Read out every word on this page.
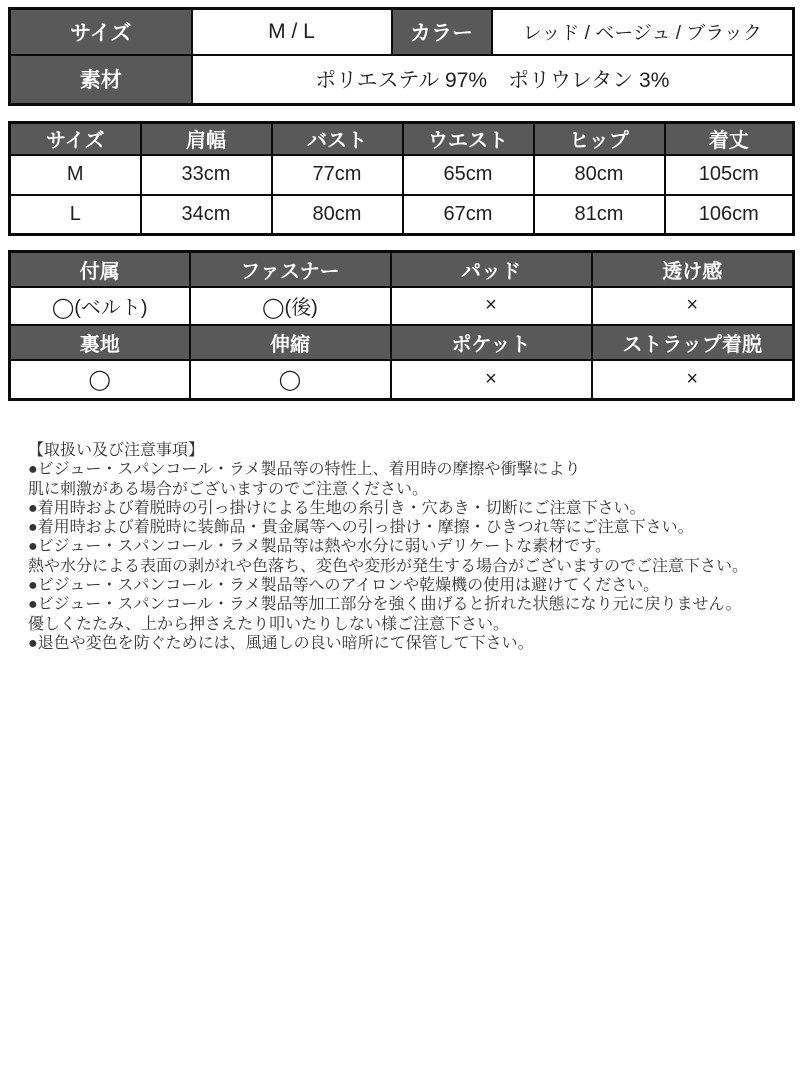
サイズ	M / L	カラー	レッド / ベージュ / ブラック
素材	ポリエステル 97%　ポリウレタン 3%		
サイズ	肩幅	バスト	ウエスト	ヒップ	着丈
M	33cm	77cm	65cm	80cm	105cm
L	34cm	80cm	67cm	81cm	106cm
付属	ファスナー	パッド	透け感
◯(ベルト)	◯(後)	×	×
裏地	伸縮	ポケット	ストラップ着脱
◯	◯	×	×
【取扱い及び注意事項】
●ビジュー・スパンコール・ラメ製品等の特性上、着用時の摩擦や衝撃により
肌に刺激がある場合がございますのでご注意ください。
●着用時および着脱時の引っ掛けによる生地の糸引き・穴あき・切断にご注意下さい。
●着用時および着脱時に装飾品・貴金属等への引っ掛け・摩擦・ひきつれ等にご注意下さい。
●ビジュー・スパンコール・ラメ製品等は熱や水分に弱いデリケートな素材です。
熱や水分による表面の剥がれや色落ち、変色や変形が発生する場合がございますのでご注意下さい。
●ビジュー・スパンコール・ラメ製品等へのアイロンや乾燥機の使用は避けてください。
●ビジュー・スパンコール・ラメ製品等加工部分を強く曲げると折れた状態になり元に戻りません。
優しくたたみ、上から押さえたり叩いたりしない様ご注意下さい。
●退色や変色を防ぐためには、風通しの良い暗所にて保管して下さい。
